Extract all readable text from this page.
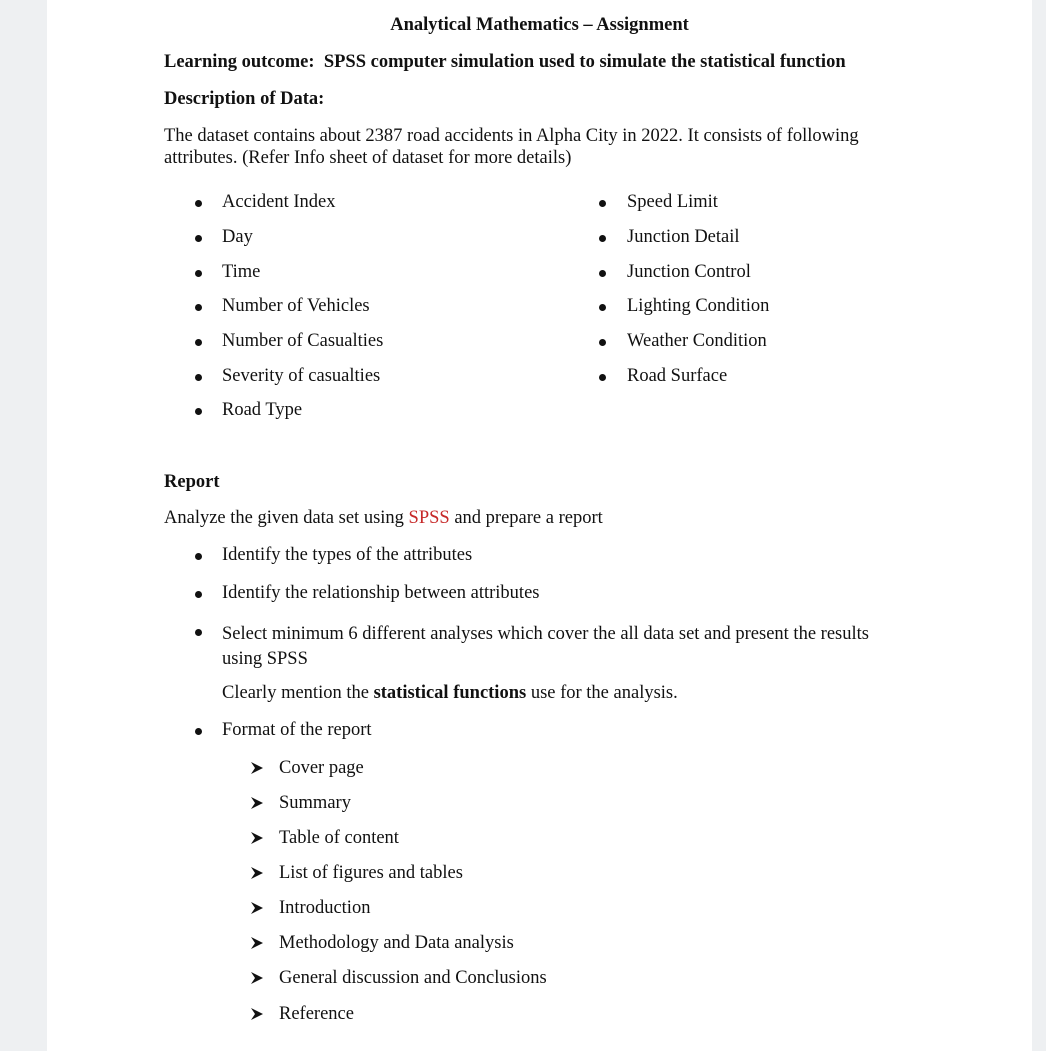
Analytical Mathematics – Assignment
Learning outcome: SPSS computer simulation used to simulate the statistical function
Description of Data:
The dataset contains about 2387 road accidents in Alpha City in 2022. It consists of following attributes. (Refer Info sheet of dataset for more details)
Accident Index
Day
Time
Number of Vehicles
Number of Casualties
Severity of casualties
Road Type
Speed Limit
Junction Detail
Junction Control
Lighting Condition
Weather Condition
Road Surface
Report
Analyze the given data set using SPSS and prepare a report
Identify the types of the attributes
Identify the relationship between attributes
Select minimum 6 different analyses which cover the all data set and present the results using SPSS
Clearly mention the statistical functions use for the analysis.
Format of the report
Cover page
Summary
Table of content
List of figures and tables
Introduction
Methodology and Data analysis
General discussion and Conclusions
Reference
